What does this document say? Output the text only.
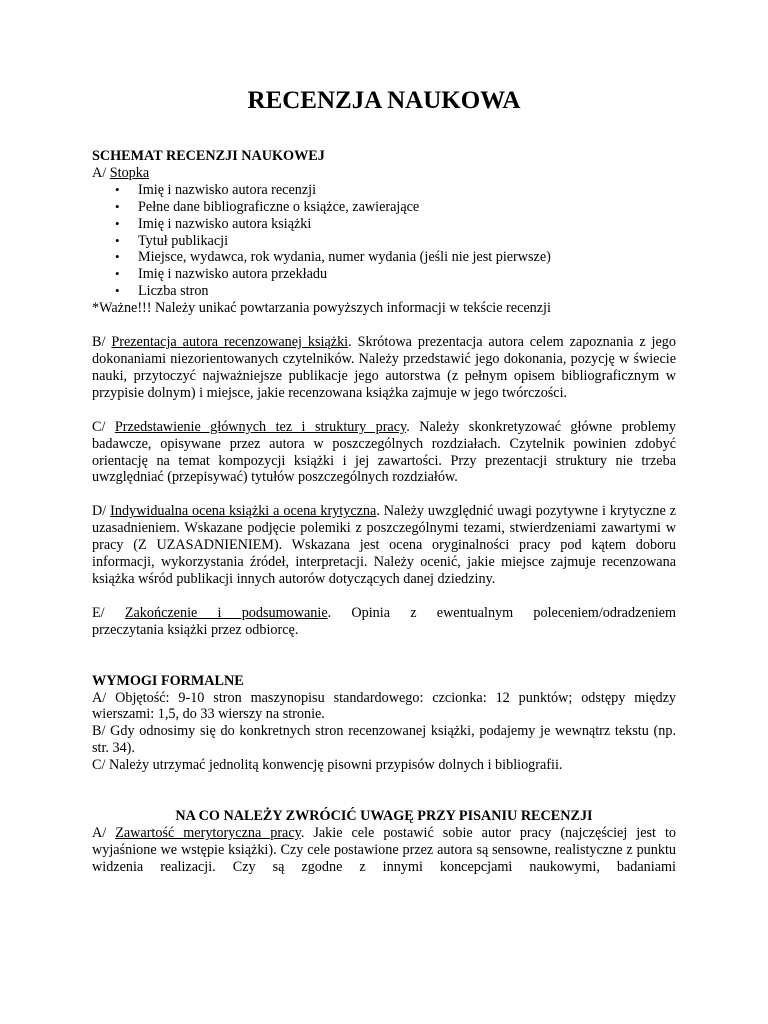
RECENZJA NAUKOWA

SCHEMAT RECENZJI NAUKOWEJ

A/ Stopka

• Imię i nazwisko autora recenzji
• Pełne dane bibliograficzne o książce, zawierające
• Imię i nazwisko autora książki
• Tytuł publikacji
• Miejsce, wydawca, rok wydania, numer wydania (jeśli nie jest pierwsze)
• Imię i nazwisko autora przekładu
• Liczba stron

*Ważne!!! Należy unikać powtarzania powyższych informacji w tekście recenzji

B/ Prezentacja autora recenzowanej książki. Skrótowa prezentacja autora celem zapoznania z jego dokonaniami niezorientowanych czytelników. Należy przedstawić jego dokonania, pozycję w świecie nauki, przytoczyć najważniejsze publikacje jego autorstwa (z pełnym opisem bibliograficznym w przypisie dolnym) i miejsce, jakie recenzowana książka zajmuje w jego twórczości.

C/ Przedstawienie głównych tez i struktury pracy. Należy skonkretyzować główne problemy badawcze, opisywane przez autora w poszczególnych rozdziałach. Czytelnik powinien zdobyć orientację na temat kompozycji książki i jej zawartości. Przy prezentacji struktury nie trzeba uwzględniać (przepisywać) tytułów poszczególnych rozdziałów.

D/ Indywidualna ocena książki a ocena krytyczna. Należy uwzględnić uwagi pozytywne i krytyczne z uzasadnieniem. Wskazane podjęcie polemiki z poszczególnymi tezami, stwierdzeniami zawartymi w pracy (Z UZASADNIENIEM). Wskazana jest ocena oryginalności pracy pod kątem doboru informacji, wykorzystania źródeł, interpretacji. Należy ocenić, jakie miejsce zajmuje recenzowana książka wśród publikacji innych autorów dotyczących danej dziedziny.

E/ Zakończenie i podsumowanie. Opinia z ewentualnym poleceniem/odradzeniem

przeczytania książki przez odbiorcę.

WYMOGI FORMALNE

A/ Objętość: 9-10 stron maszynopisu standardowego: czcionka: 12 punktów; odstępy między wierszami: 1,5, do 33 wierszy na stronie.

B/ Gdy odnosimy się do konkretnych stron recenzowanej książki, podajemy je wewnątrz tekstu (np. str. 34).

C/ Należy utrzymać jednolitą konwencję pisowni przypisów dolnych i bibliografii.

NA CO NALEŻY ZWRÓCIĆ UWAGĘ PRZY PISANIU RECENZJI

A/ Zawartość merytoryczna pracy. Jakie cele postawić sobie autor pracy (najczęściej jest to wyjaśnione we wstępie książki). Czy cele postawione przez autora są sensowne, realistyczne z punktu widzenia realizacji. Czy są zgodne z innymi koncepcjami naukowymi, badaniami
